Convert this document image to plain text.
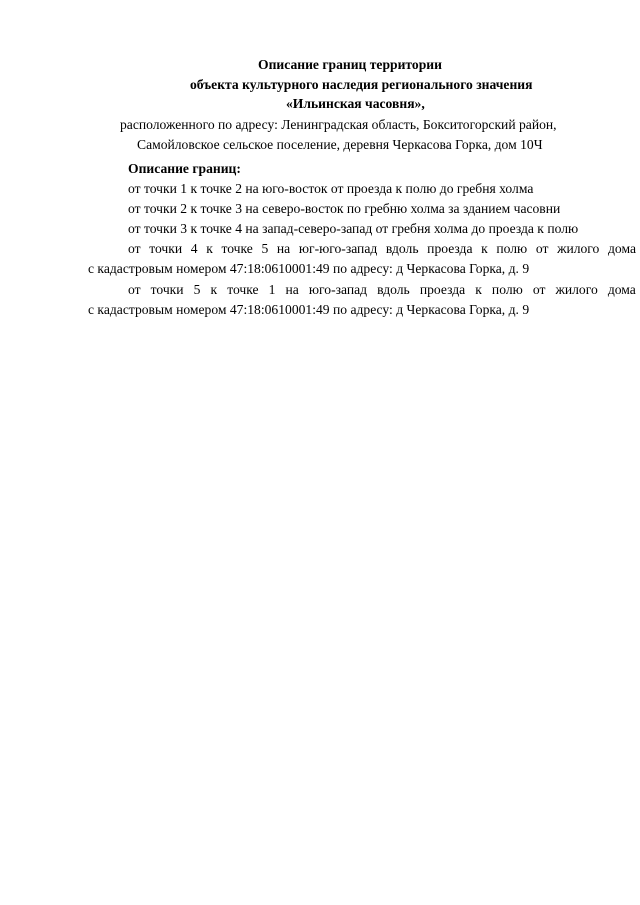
Описание границ территории
объекта культурного наследия регионального значения
«Ильинская часовня»,
расположенного по адресу: Ленинградская область, Бокситогорский район,
Самойловское сельское поселение, деревня Черкасова Горка, дом 10Ч
Описание границ:
от точки 1 к точке 2 на юго-восток от проезда к полю до гребня холма
от точки 2 к точке 3 на северо-восток по гребню холма за зданием часовни
от точки 3 к точке 4 на запад-северо-запад от гребня холма до проезда к полю
от точки 4 к точке 5 на юг-юго-запад вдоль проезда к полю от жилого дома
с кадастровым номером 47:18:0610001:49 по адресу: д Черкасова Горка, д. 9
от точки 5 к точке 1 на юго-запад вдоль проезда к полю от жилого дома
с кадастровым номером 47:18:0610001:49 по адресу: д Черкасова Горка, д. 9
